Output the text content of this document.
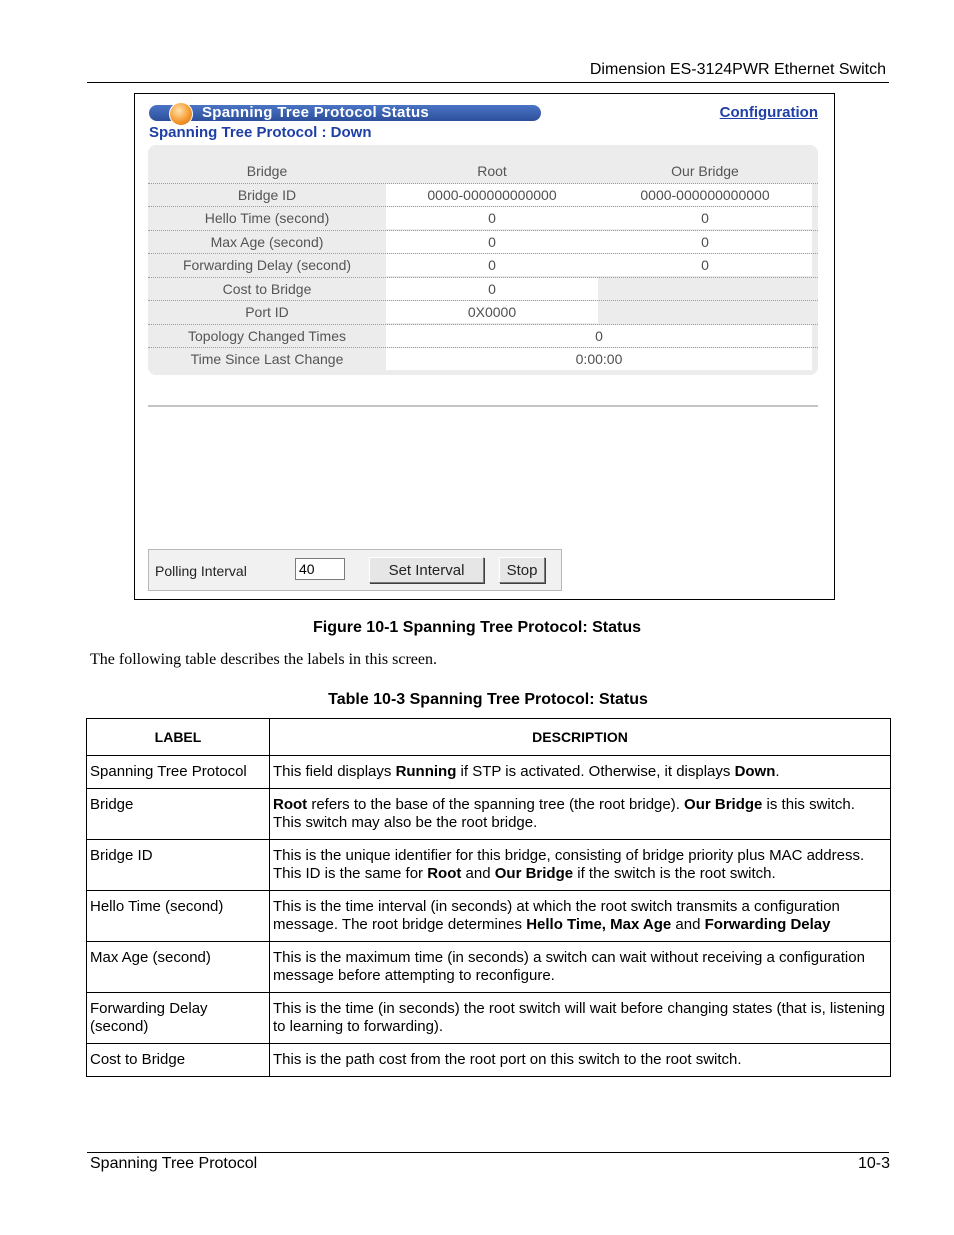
Dimension ES-3124PWR Ethernet Switch
Spanning Tree Protocol Status	Configuration
Spanning Tree Protocol : Down
Bridge	Root	Our Bridge
Bridge ID	0000-000000000000	0000-000000000000
Hello Time (second)	0	0
Max Age (second)	0	0
Forwarding Delay (second)	0	0
Cost to Bridge	0
Port ID	0X0000
Topology Changed Times	0
Time Since Last Change	0:00:00
Polling Interval
40	Set Interval	Stop
Figure 10-1 Spanning Tree Protocol: Status
The following table describes the labels in this screen.
Table 10-3 Spanning Tree Protocol: Status
LABEL	DESCRIPTION
Spanning Tree Protocol	This field displays Running if STP is activated. Otherwise, it displays Down.
Bridge	Root refers to the base of the spanning tree (the root bridge). Our Bridge is this switch. This switch may also be the root bridge.
Bridge ID	This is the unique identifier for this bridge, consisting of bridge priority plus MAC address. This ID is the same for Root and Our Bridge if the switch is the root switch.
Hello Time (second)	This is the time interval (in seconds) at which the root switch transmits a configuration message. The root bridge determines Hello Time, Max Age and Forwarding Delay
Max Age (second)	This is the maximum time (in seconds) a switch can wait without receiving a configuration message before attempting to reconfigure.
Forwarding Delay (second)	This is the time (in seconds) the root switch will wait before changing states (that is, listening to learning to forwarding).
Cost to Bridge	This is the path cost from the root port on this switch to the root switch.
Spanning Tree Protocol	10-3
